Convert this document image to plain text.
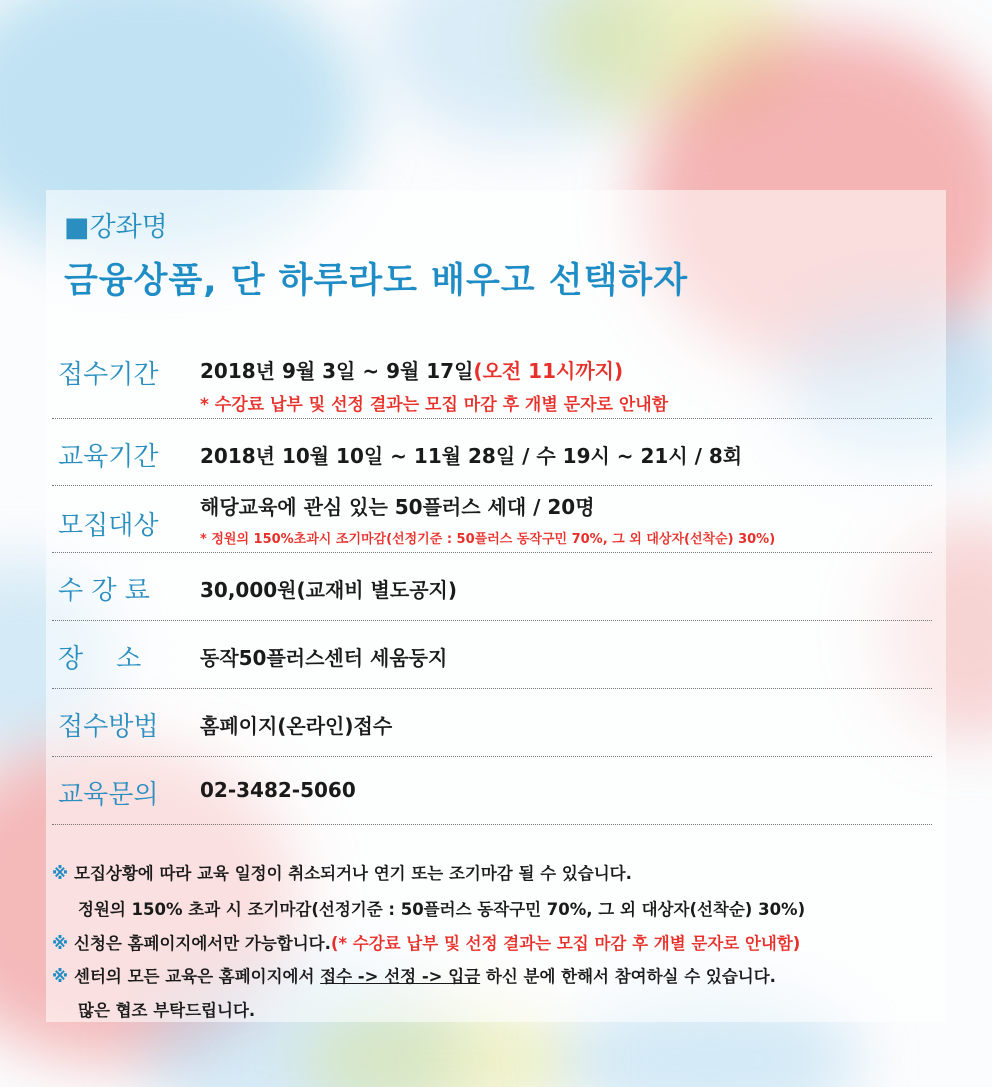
■강좌명
금융상품, 단 하루라도 배우고 선택하자
접수기간 2018년 9월 3일 ~ 9월 17일(오전 11시까지)
* 수강료 납부 및 선정 결과는 모집 마감 후 개별 문자로 안내함
교육기간 2018년 10월 10일 ~ 11월 28일 / 수 19시 ~ 21시 / 8회
모집대상
해당교육에 관심 있는 50플러스 세대 / 20명
* 정원의 150%초과시 조기마감(선정기준 : 50플러스 동작구민 70%, 그 외 대상자(선착순) 30%)
수 강 료	30,000원(교재비 별도공지)
장    소	동작50플러스센터 세움둥지
접수방법 홈페이지(온라인)접수
교육문의 02-3482-5060
※ 모집상황에 따라 교육 일정이 취소되거나 연기 또는 조기마감 될 수 있습니다.
정원의 150% 초과 시 조기마감(선정기준 : 50플러스 동작구민 70%, 그 외 대상자(선착순) 30%)
※ 신청은 홈페이지에서만 가능합니다.(* 수강료 납부 및 선정 결과는 모집 마감 후 개별 문자로 안내함)
※ 센터의 모든 교육은 홈페이지에서 접수 -> 선정 -> 입금 하신 분에 한해서 참여하실 수 있습니다.
많은 협조 부탁드립니다.
